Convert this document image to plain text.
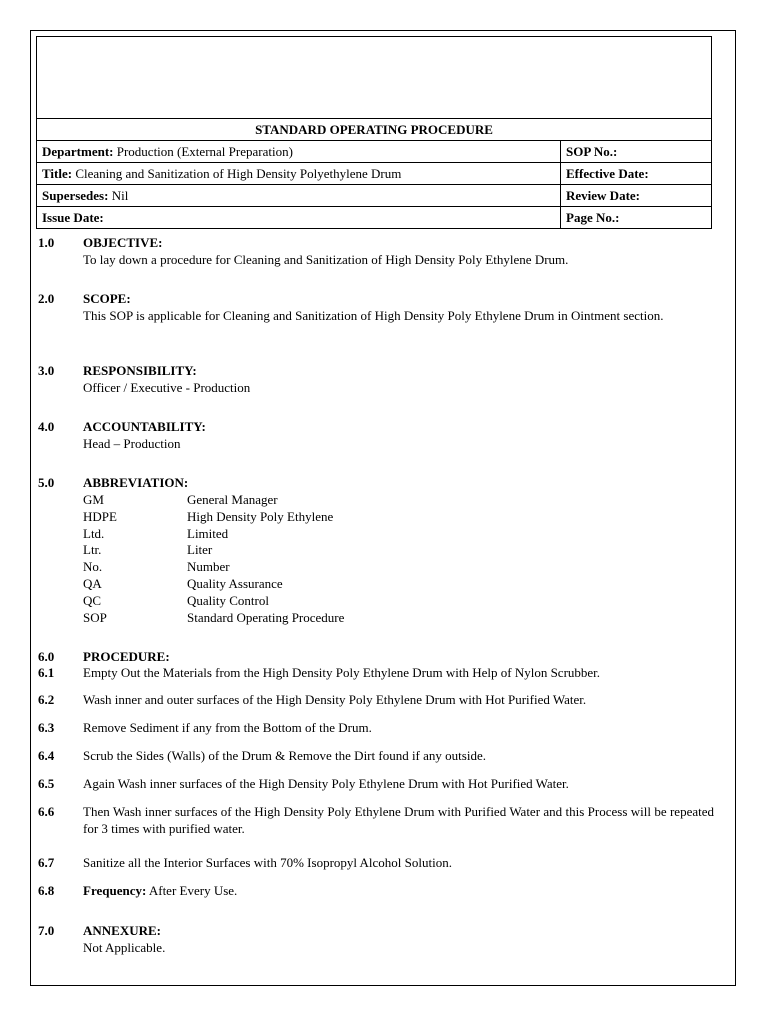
STANDARD OPERATING PROCEDURE	
Department: Production (External Preparation)	SOP No.:
Title: Cleaning and Sanitization of High Density Polyethylene Drum	Effective Date:
Supersedes: Nil	Review Date:
Issue Date:	Page No.:
1.0 OBJECTIVE:
To lay down a procedure for Cleaning and Sanitization of High Density Poly Ethylene Drum.
2.0 SCOPE:
This SOP is applicable for Cleaning and Sanitization of High Density Poly Ethylene Drum in Ointment section.
3.0 RESPONSIBILITY:
Officer / Executive - Production
4.0 ACCOUNTABILITY:
Head – Production
5.0 ABBREVIATION:
GM	General Manager
HDPE	High Density Poly Ethylene
Ltd.	Limited
Ltr.	Liter
No.	Number
QA	Quality Assurance
QC	Quality Control
SOP	Standard Operating Procedure
6.0 PROCEDURE:
6.1 Empty Out the Materials from the High Density Poly Ethylene Drum with Help of Nylon Scrubber.
6.2 Wash inner and outer surfaces of the High Density Poly Ethylene Drum with Hot Purified Water.
6.3 Remove Sediment if any from the Bottom of the Drum.
6.4 Scrub the Sides (Walls) of the Drum & Remove the Dirt found if any outside.
6.5 Again Wash inner surfaces of the High Density Poly Ethylene Drum with Hot Purified Water.
6.6 Then Wash inner surfaces of the High Density Poly Ethylene Drum with Purified Water and this Process will be repeated for 3 times with purified water.
6.7 Sanitize all the Interior Surfaces with 70% Isopropyl Alcohol Solution.
6.8 Frequency: After Every Use.
7.0 ANNEXURE:
Not Applicable.
